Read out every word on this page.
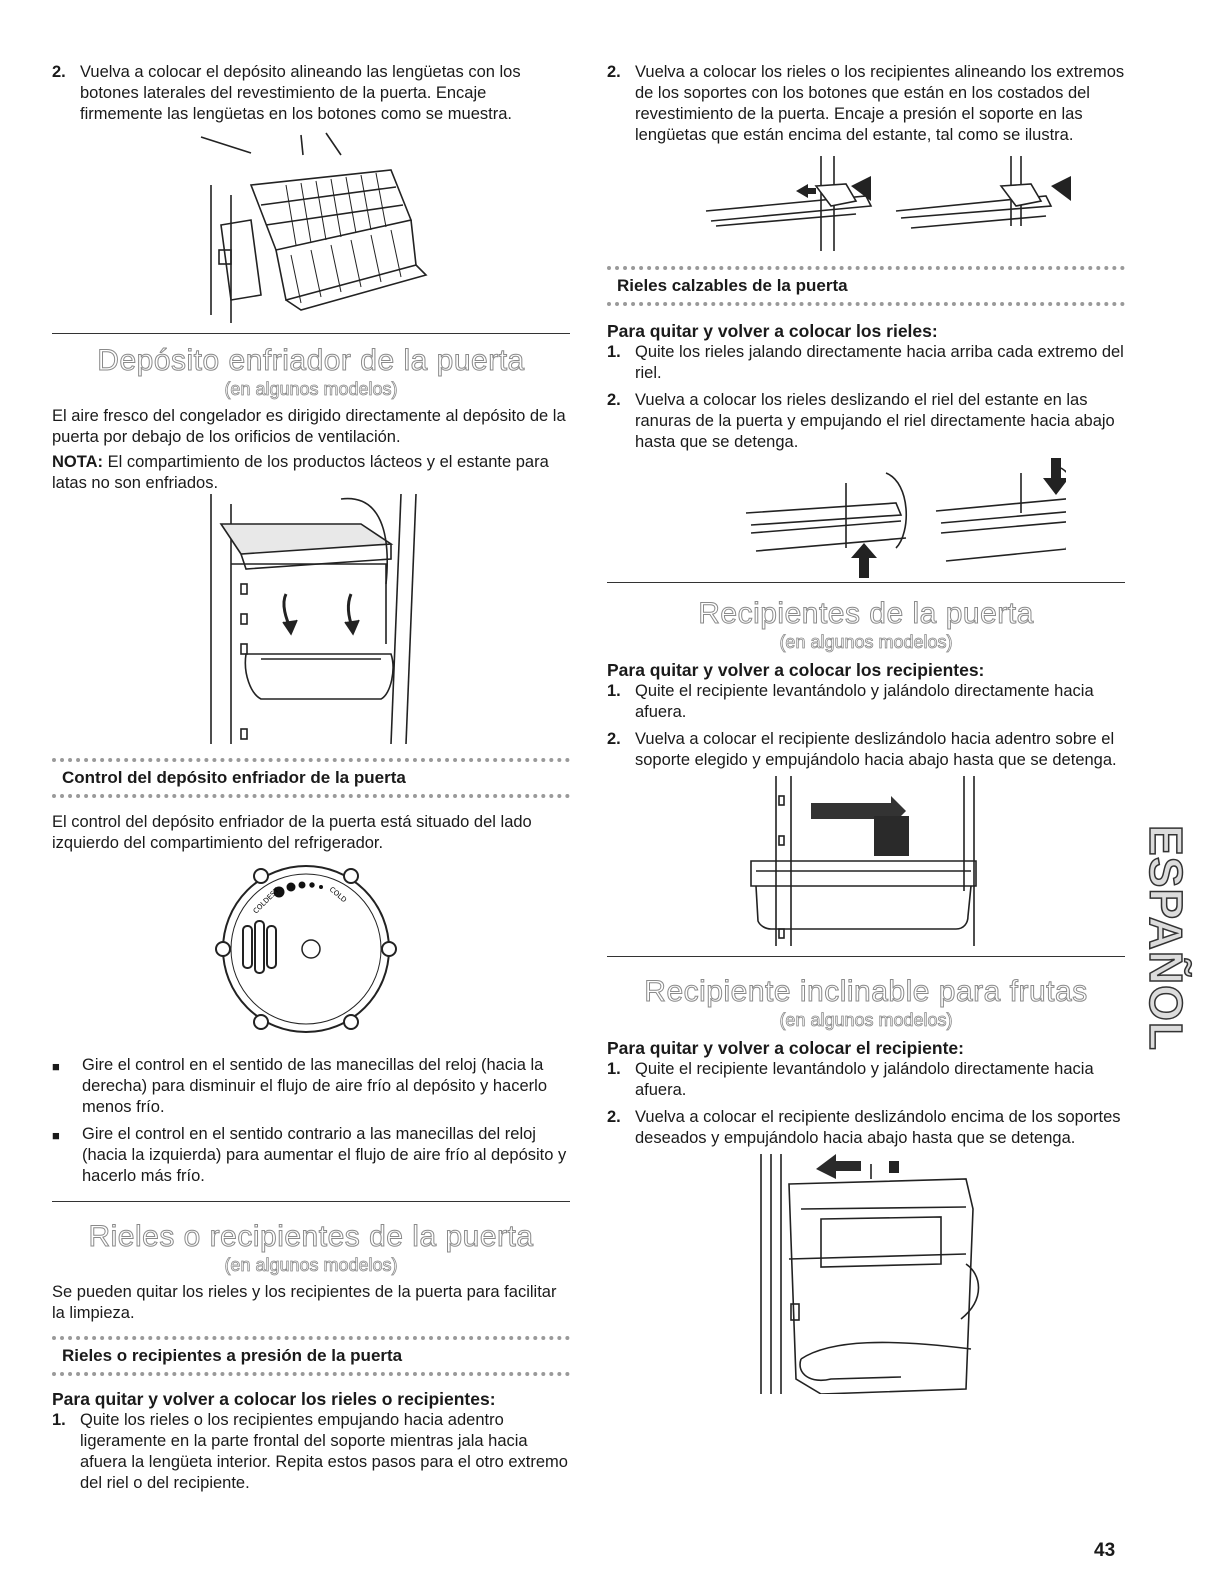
2. Vuelva a colocar el depósito alineando las lengüetas con los botones laterales del revestimiento de la puerta. Encaje firmemente las lengüetas en los botones como se muestra.
Depósito enfriador de la puerta
(en algunos modelos)

El aire fresco del congelador es dirigido directamente al depósito de la puerta por debajo de los orificios de ventilación.

NOTA: El compartimiento de los productos lácteos y el estante para latas no son enfriados.

Control del depósito enfriador de la puerta

El control del depósito enfriador de la puerta está situado del lado izquierdo del compartimiento del refrigerador.

COLDEST	COLD
■	Gire el control en el sentido de las manecillas del reloj (hacia la derecha) para disminuir el flujo de aire frío al depósito y hacerlo menos frío.
■	Gire el control en el sentido contrario a las manecillas del reloj (hacia la izquierda) para aumentar el flujo de aire frío al depósito y hacerlo más frío.
Rieles o recipientes de la puerta
(en algunos modelos)

Se pueden quitar los rieles y los recipientes de la puerta para facilitar la limpieza.

Rieles o recipientes a presión de la puerta
Para quitar y volver a colocar los rieles o recipientes:
1. Quite los rieles o los recipientes empujando hacia adentro ligeramente en la parte frontal del soporte mientras jala hacia afuera la lengüeta interior. Repita estos pasos para el otro extremo del riel o del recipiente.
2. Vuelva a colocar los rieles o los recipientes alineando los extremos de los soportes con los botones que están en los costados del revestimiento de la puerta. Encaje a presión el soporte en las lengüetas que están encima del estante, tal como se ilustra.
Rieles calzables de la puerta
Para quitar y volver a colocar los rieles:
1. Quite los rieles jalando directamente hacia arriba cada extremo del riel.
2. Vuelva a colocar los rieles deslizando el riel del estante en las ranuras de la puerta y empujando el riel directamente hacia abajo hasta que se detenga.
Recipientes de la puerta
(en algunos modelos)
Para quitar y volver a colocar los recipientes:
1. Quite el recipiente levantándolo y jalándolo directamente hacia afuera.
2. Vuelva a colocar el recipiente deslizándolo hacia adentro sobre el soporte elegido y empujándolo hacia abajo hasta que se detenga.
Recipiente inclinable para frutas
(en algunos modelos)
Para quitar y volver a colocar el recipiente:
1. Quite el recipiente levantándolo y jalándolo directamente hacia afuera.
2. Vuelva a colocar el recipiente deslizándolo encima de los soportes deseados y empujándolo hacia abajo hasta que se detenga.
ESPAÑOL
43
